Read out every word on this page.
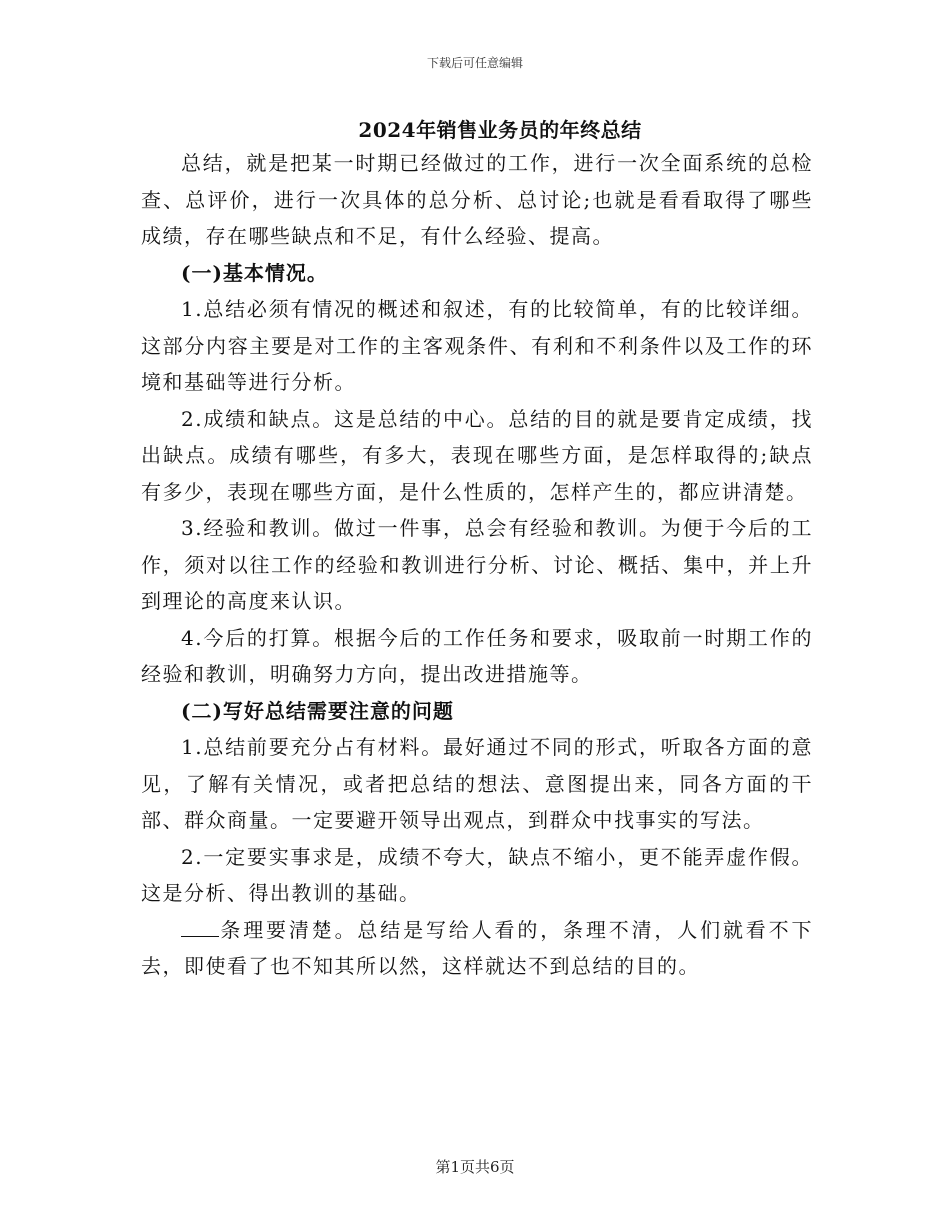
下载后可任意编辑
2024年销售业务员的年终总结

总结，就是把某一时期已经做过的工作，进行一次全面系统的总检查、总评价，进行一次具体的总分析、总讨论;也就是看看取得了哪些成绩，存在哪些缺点和不足，有什么经验、提高。

(一)基本情况。

1.总结必须有情况的概述和叙述，有的比较简单，有的比较详细。这部分内容主要是对工作的主客观条件、有利和不利条件以及工作的环境和基础等进行分析。

2.成绩和缺点。这是总结的中心。总结的目的就是要肯定成绩，找出缺点。成绩有哪些，有多大，表现在哪些方面，是怎样取得的;缺点有多少，表现在哪些方面，是什么性质的，怎样产生的，都应讲清楚。

3.经验和教训。做过一件事，总会有经验和教训。为便于今后的工作，须对以往工作的经验和教训进行分析、讨论、概括、集中，并上升到理论的高度来认识。

4.今后的打算。根据今后的工作任务和要求，吸取前一时期工作的经验和教训，明确努力方向，提出改进措施等。

(二)写好总结需要注意的问题

1.总结前要充分占有材料。最好通过不同的形式，听取各方面的意见，了解有关情况，或者把总结的想法、意图提出来，同各方面的干部、群众商量。一定要避开领导出观点，到群众中找事实的写法。

2.一定要实事求是，成绩不夸大，缺点不缩小，更不能弄虚作假。这是分析、得出教训的基础。

条理要清楚。总结是写给人看的，条理不清，人们就看不下去，即使看了也不知其所以然，这样就达不到总结的目的。

第1页共6页
